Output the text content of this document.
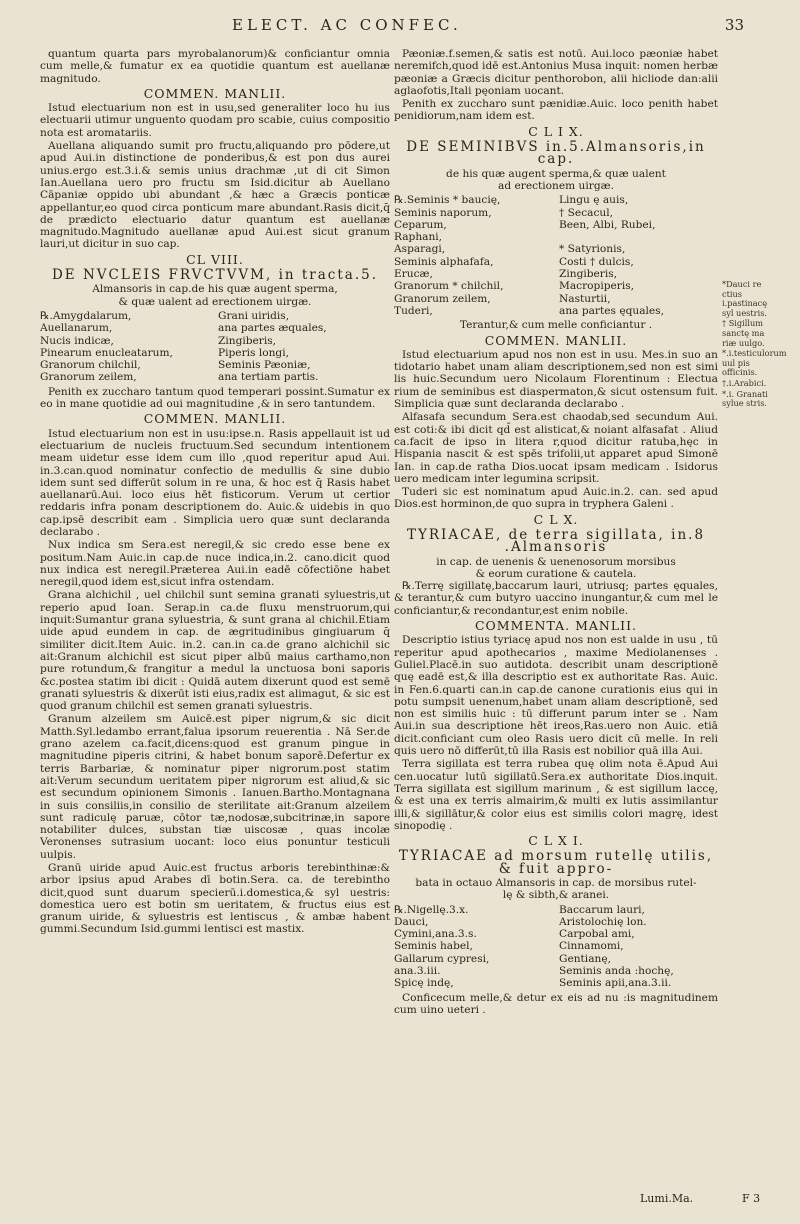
ELECT. AC CONFEC.	33

quantum quarta pars myrobalanorum)& conficiantur omnia cum melle,& fumatur ex ea quotidie quantum est auellanæ magnitudo.

COMMEN. MANLII.

Istud electuarium non est in usu,sed generaliter loco hu ius electuarii utimur unguento quodam pro scabie, cuius compositio nota est aromatariis.

Auellana aliquando sumit pro fructu,aliquando pro pōdere,ut apud Aui.in distinctione de ponderibus,& est pon dus aurei unius.ergo est.3.i.& semis unius drachmæ ,ut di cit Simon Ian.Auellana uero pro fructu sm Isid.dicitur ab Auellano Cāpaniæ oppido ubi abundant ,& hæc a Græcis ponticæ appellantur,eo quod circa ponticum mare abundant.Rasis dicit,q̄ de prædicto electuario datur quantum est auellanæ magnitudo.Magnitudo auellanæ apud Aui.est sicut granum lauri,ut dicitur in suo cap.

CL VIII.
DE NVCLEIS FRVCTVVM, in tracta.5.
Almansoris in cap.de his quæ augent sperma,
& quæ ualent ad erectionem uirgæ.
℞.Amygdalarum,	Grani uiridis,
Auellanarum,	ana partes æquales,
Nucis indicæ,	Zingiberis,
Pinearum enucleatarum,	Piperis longi,
Granorum chilchil,	Seminis Pæoniæ,
Granorum zeilem,	ana tertiam partis.

Penith ex zuccharo tantum quod temperari possint.Sumatur ex eo in mane quotidie ad oui magnitudine ,& in sero tantundem.

COMMEN. MANLII.

Istud electuarium non est in usu:ipse.n. Rasis appellauit ist ud electuarium de nucleis fructuum.Sed secundum intentionem meam uidetur esse idem cum illo ,quod reperitur apud Aui. in.3.can.quod nominatur confectio de medullis & sine dubio idem sunt sed differūt solum in re una, & hoc est q̄ Rasis habet auellanarū.Aui. loco eius hēt fisticorum. Verum ut certior reddaris infra ponam descriptionem do. Auic.& uidebis in quo cap.ipsē describit eam . Simplicia uero quæ sunt declaranda declarabo .

Nux indica sm Sera.est neregil,& sic credo esse bene ex positum.Nam Auic.in cap.de nuce indica,in.2. cano.dicit quod nux indica est neregil.Præterea Aui.in eadē cōfectiōne habet neregil,quod idem est,sicut infra ostendam.

Grana alchichil , uel chilchil sunt semina granati syluestris,ut reperio apud Ioan. Serap.in ca.de fluxu menstruorum,qui inquit:Sumantur grana syluestria, & sunt grana al chichil.Etiam uide apud eundem in cap. de ægritudinibus gingiuarum q̄ similiter dicit.Item Auic. in.2. can.in ca.de grano alchichil sic ait:Granum alchichil est sicut piper albū maius carthamo,non pure rotundum,& frangitur a medul la unctuosa boni saporis &c.postea statim ibi dicit : Quidā autem dixerunt quod est semē granati syluestris & dixerūt isti eius,radix est alimagut, & sic est quod granum chilchil est semen granati syluestris.

Granum alzeilem sm Auicē.est piper nigrum,& sic dicit Matth.Syl.ledambo errant,falua ipsorum reuerentia . Nā Ser.de grano azelem ca.facit,dicens:quod est granum pingue in magnitudine piperis citrini, & habet bonum saporē.Defertur ex terris Barbariæ, & nominatur piper nigrorum.post statim ait:Verum secundum ueritatem piper nigrorum est aliud,& sic est secundum opinionem Simonis . Ianuen.Bartho.Montagnana in suis consiliis,in consilio de sterilitate ait:Granum alzeilem sunt radiculę paruæ, cōtor tæ,nodosæ,subcitrinæ,in sapore notabiliter dulces, substan tiæ uiscosæ , quas incolæ Veronenses sutrasium uocant: loco eius ponuntur testiculi uulpis.

Granū uiride apud Auic.est fructus arboris terebinthinæ:& arbor ipsius apud Arabes dī botin.Sera. ca. de terebintho dicit,quod sunt duarum specierū.i.domestica,& syl uestris: domestica uero est botin sm ueritatem, & fructus eius est granum uiride, & syluestris est lentiscus , & ambæ habent gummi.Secundum Isid.gummi lentisci est mastix.

Pæoniæ.f.semen,& satis est notū. Aui.loco pæoniæ habet neremifch,quod idē est.Antonius Musa inquit: nomen herbæ pæoniæ a Græcis dicitur penthorobon, alii hicliode dan:alii aglaofotis,Itali pęoniam uocant.

Penith ex zuccharo sunt pænidiæ.Auic. loco penith habet penidiorum,nam idem est.

C L I X.
DE SEMINIBVS in.5.Almansoris,in cap.
de his quæ augent sperma,& quæ ualent
ad erectionem uirgæ.
℞.Seminis * baucię,	Lingu ę auis,
Seminis naporum,	† Secacul,
Ceparum,	Been, Albi, Rubei,
Raphani,
Asparagi,	* Satyrionis,
Seminis alphafafa,	Costi † dulcis,
Erucæ,	Zingiberis,
Granorum * chilchil,	Macropiperis,
Granorum zeilem,	Nasturtii,
Tuderi,	ana partes ęquales,

Terantur,& cum melle conficiantur .

COMMEN. MANLII.

Istud electuarium apud nos non est in usu. Mes.in suo an tidotario habet unam aliam descriptionem,sed non est simi lis huic.Secundum uero Nicolaum Florentinum : Electua rium de seminibus est diaspermaton,& sicut ostensum fuit. Simplicia quæ sunt declaranda declarabo .

Alfasafa secundum Sera.est chaodab,sed secundum Aui. est coti:& ibi dicit qd̄ est alisticat,& noiant alfasafat . Aliud ca.facit de ipso in litera r,quod dicitur ratuba,hęc in Hispania nascit & est spēs trifolii,ut apparet apud Simonē Ian. in cap.de ratha Dios.uocat ipsam medicam . Isidorus uero medicam inter legumina scripsit.

Tuderi sic est nominatum apud Auic.in.2. can. sed apud Dios.est horminon,de quo supra in tryphera Galeni .

C L X.
TYRIACAE, de terra sigillata, in.8 .Almansoris
in cap. de uenenis & uenenosorum morsibus
& eorum curatione & cautela.

℞.Terrę sigillatę,baccarum lauri, utriusq; partes ęquales, & terantur,& cum butyro uaccino inungantur,& cum mel le conficiantur,& recondantur,est enim nobile.

COMMENTA. MANLII.

Descriptio istius tyriacę apud nos non est ualde in usu , tū reperitur apud apothecarios , maxime Mediolanenses . Guliel.Placē.in suo autidota. describit unam descriptionē quę eadē est,& illa descriptio est ex authoritate Ras. Auic. in Fen.6.quarti can.in cap.de canone curationis eius qui in potu sumpsit uenenum,habet unam aliam descriptionē, sed non est similis huic : tū differunt parum inter se . Nam Aui.in sua descriptione hēt ireos,Ras.uero non Auic. etiā dicit.conficiant cum oleo Rasis uero dicit cū melle. In reli quis uero nō differūt,tū illa Rasis est nobilior quā illa Aui.

Terra sigillata est terra rubea quę olim nota ē.Apud Aui cen.uocatur lutū sigillatū.Sera.ex authoritate Dios.inquit. Terra sigillata est sigillum marinum , & est sigillum laccę, & est una ex terris almairim,& multi ex lutis assimilantur illi,& sigillātur,& color eius est similis colori magrę, idest sinopodię .

C L X I.
TYRIACAE ad morsum rutellę utilis, & fuit appro-
bata in octauo Almansoris in cap. de morsibus rutel-
lę & sibth,& aranei.
℞.Nigellę.3.x.	Baccarum lauri,
Dauci,	Aristolochię lon.
Cymini,ana.3.s.	Carpobal ami,
Seminis habel,	Cinnamomi,
Gallarum cypresi,	Gentianę,
ana.3.iii.	Seminis anda :hochę,
Spicę indę,	Seminis apii,ana.3.ii.

Conficecum melle,& detur ex eis ad nu :is magnitudinem cum uino ueteri .

*Dauci re ctius i.pastinacę syl uestris.
† Sigillum sanctę ma riæ uulgo.
*.i.testiculorum uul pis officinis.
†.i.Arabici.
*.i. Granati sylue stris.
Lumi.Ma.	F 3
